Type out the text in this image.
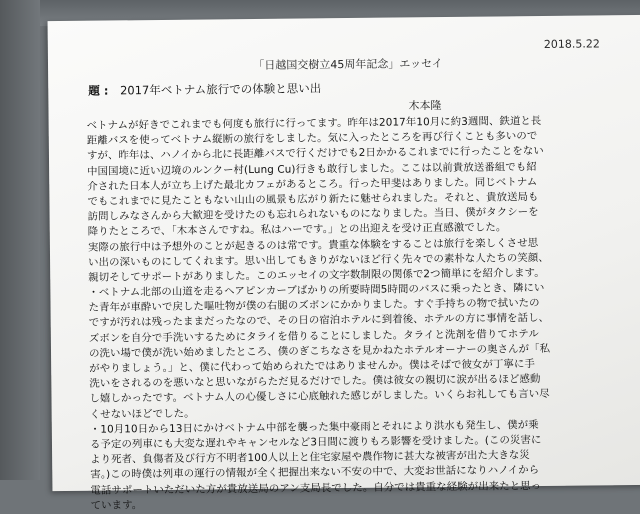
2018.5.22
「日越国交樹立45周年記念」エッセイ
題 : 2017年ベトナム旅行での体験と思い出
木本隆
ベトナムが好きでこれまでも何度も旅行に行ってます。昨年は2017年10月に約3週間、鉄道と長
距離バスを使ってベトナム縦断の旅行をしました。気に入ったところを再び行くことも多いので
すが、昨年は、ハノイから北に長距離バスで行くだけでも2日かかるこれまでに行ったことをない
中国国境に近い辺境のルンクー村(Lung Cu)行きも敢行しました。ここは以前貴放送番組でも紹
介された日本人が立ち上げた最北カフェがあるところ。行った甲斐はありました。同じベトナム
でもこれまでに見たこともない山山の風景も広がり新たに魅せられました。それと、貴放送局も
訪問しみなさんから大歓迎を受けたのも忘れられないものになりました。当日、僕がタクシーを
降りたところで、「木本さんですね。私はハーです。」との出迎えを受け正直感激でした。
実際の旅行中は予想外のことが起きるのは常です。貴重な体験をすることは旅行を楽しくさせ思
い出の深いものにしてくれます。思い出してもきりがないほど行く先々での素朴な人たちの笑顔、
親切そしてサポートがありました。このエッセイの文字数制限の関係で2つ簡単にを紹介します。
・ベトナム北部の山道を走るヘアピンカーブばかりの所要時間5時間のバスに乗ったとき、隣にい
た青年が車酔いで戻した嘔吐物が僕の右腿のズボンにかかりました。すぐ手持ちの物で拭いたの
ですが汚れは残ったままだったなので、その日の宿泊ホテルに到着後、ホテルの方に事情を話し、
ズボンを自分で手洗いするためにタライを借りることにしました。タライと洗剤を借りてホテル
の洗い場で僕が洗い始めましたところ、僕のぎこちなさを見かねたホテルオーナーの奥さんが「私
がやりましょう。」と、僕に代わって始められたではありませんか。僕はそばで彼女が丁寧に手
洗いをされるのを悪いなと思いながらただ見るだけでした。僕は彼女の親切に涙が出るほど感動
し嬉しかったです。ベトナム人の心優しさに心底触れた感じがしました。いくらお礼しても言い尽
くせないほどでした。
・10月10日から13日にかけベトナム中部を襲った集中豪雨とそれにより洪水も発生し、僕が乗
る予定の列車にも大変な遅れやキャンセルなど3日間に渡りもろ影響を受けました。(この災害に
より死者、負傷者及び行方不明者100人以上と住宅家屋や農作物に甚大な被害が出た大きな災
害。)この時僕は列車の運行の情報が全く把握出来ない不安の中で、大変お世話になりハノイから
電話サポートいただいた方が貴放送局のアン支局長でした。自分では貴重な経験が出来たと思っ
ています。
